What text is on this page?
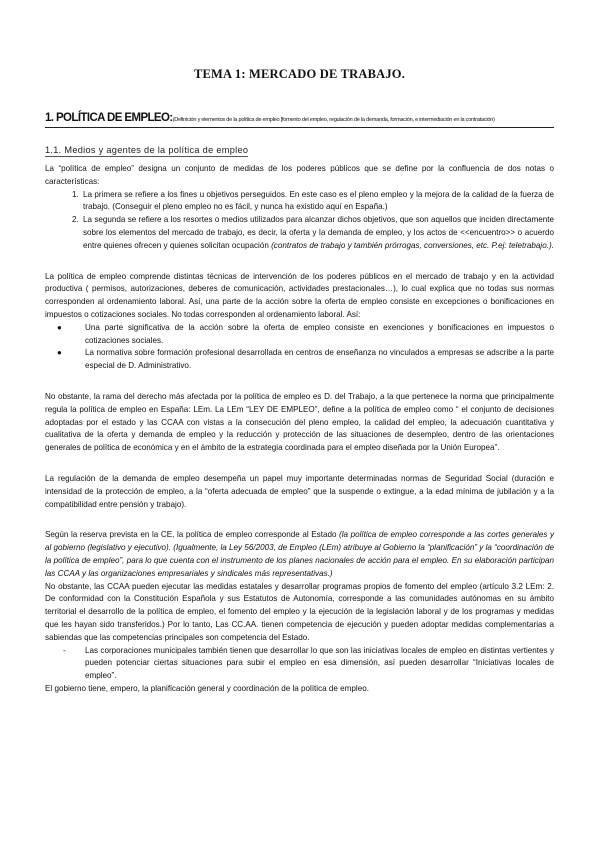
TEMA 1: MERCADO DE TRABAJO.
1. POLÍTICA DE EMPLEO:(Definición y elementos de la política de empleo [fomento del empleo, regulación de la demanda, formación, e intermediación en la contratación)
1.1. Medios y agentes de la política de empleo

La “política de empleo” designa un conjunto de medidas de los poderes públicos que se define por la confluencia de dos notas o características:

1. La primera se refiere a los fines u objetivos perseguidos. En este caso es el pleno empleo y la mejora de la calidad de la fuerza de trabajo. (Conseguir el pleno empleo no es fácil, y nunca ha existido aquí en España.)
2. La segunda se refiere a los resortes o medios utilizados para alcanzar dichos objetivos, que son aquellos que inciden directamente sobre los elementos del mercado de trabajo, es decir, la oferta y la demanda de empleo, y los actos de <<encuentro>> o acuerdo entre quienes ofrecen y quienes solicitan ocupación (contratos de trabajo y también prórrogas, conversiones, etc. P.ej: teletrabajo.).

La política de empleo comprende distintas técnicas de intervención de los poderes públicos en el mercado de trabajo y en la actividad productiva ( permisos, autorizaciones, deberes de comunicación, actividades prestacionales…), lo cual explica que no todas sus normas corresponden al ordenamiento laboral. Así, una parte de la acción sobre la oferta de empleo consiste en excepciones o bonificaciones en impuestos o cotizaciones sociales. No todas corresponden al ordenamiento laboral. Así:

●	Una parte significativa de la acción sobre la oferta de empleo consiste en exenciones y bonificaciones en impuestos o cotizaciones sociales.
●	La normativa sobre formación profesional desarrollada en centros de enseñanza no vinculados a empresas se adscribe a la parte especial de D. Administrativo.

No obstante, la rama del derecho más afectada por la política de empleo es D. del Trabajo, a la que pertenece la norma que principalmente regula la política de empleo en España: LEm. La LEm “LEY DE EMPLEO”, define a la política de empleo como “ el conjunto de decisiones adoptadas por el estado y las CCAA con vistas a la consecución del pleno empleo, la calidad del empleo, la adecuación cuantitativa y cualitativa de la oferta y demanda de empleo y la reducción y protección de las situaciones de desempleo, dentro de las orientaciones generales de política de económica y en el ámbito de la estrategia coordinada para el empleo diseñada por la Unión Europea”.

La regulación de la demanda de empleo desempeña un papel muy importante determinadas normas de Seguridad Social (duración e intensidad de la protección de empleo, a la “oferta adecuada de empleo” que la suspende o extingue, a la edad mínima de jubilación y a la compatibilidad entre pensión y trabajo).

Según la reserva prevista en la CE, la política de empleo corresponde al Estado (la política de empleo corresponde a las cortes generales y al gobierno (legislativo y ejecutivo). (Igualmente, la Ley 56/2003, de Empleo (LEm) atribuye al Gobierno la “planificación” y la “coordinación de la política de empleo”, para lo que cuenta con el instrumento de los planes nacionales de acción para el empleo. En su elaboración participan las CCAA y las organizaciones empresariales y sindicales más representativas.)

No obstante, las CCAA pueden ejecutar las medidas estatales y desarrollar programas propios de fomento del empleo (artículo 3.2 LEm: 2. De conformidad con la Constitución Española y sus Estatutos de Autonomía, corresponde a las comunidades autónomas en su ámbito territorial el desarrollo de la política de empleo, el fomento del empleo y la ejecución de la legislación laboral y de los programas y medidas que les hayan sido transferidos.) Por lo tanto, Las CC.AA. tienen competencia de ejecución y pueden adoptar medidas complementarias a sabiendas que las competencias principales son competencia del Estado.

- Las corporaciones municipales también tienen que desarrollar lo que son las iniciativas locales de empleo en distintas vertientes y pueden potenciar ciertas situaciones para subir el empleo en esa dimensión, así pueden desarrollar “Iniciativas locales de empleo”.

El gobierno tiene, empero, la planificación general y coordinación de la política de empleo.
